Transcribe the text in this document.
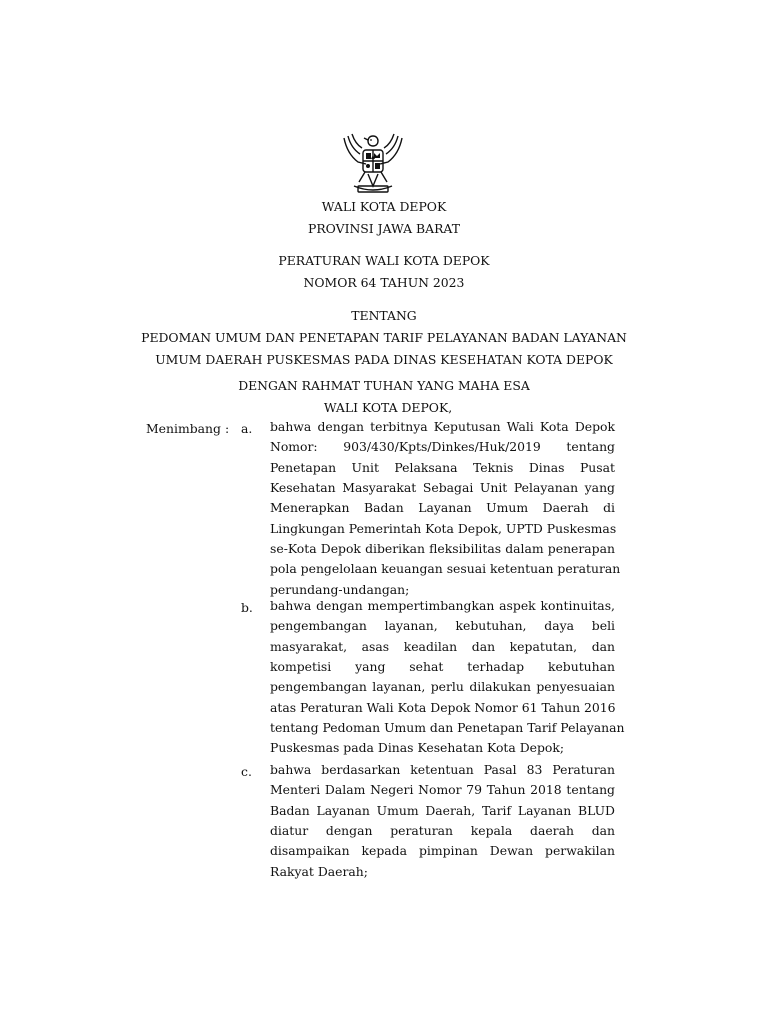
WALI KOTA DEPOK
PROVINSI JAWA BARAT
PERATURAN WALI KOTA DEPOK
NOMOR 64 TAHUN 2023
TENTANG
PEDOMAN UMUM DAN PENETAPAN TARIF PELAYANAN BADAN LAYANAN
UMUM DAERAH PUSKESMAS PADA DINAS KESEHATAN KOTA DEPOK
DENGAN RAHMAT TUHAN YANG MAHA ESA
WALI KOTA DEPOK,
Menimbang : a. bahwa dengan terbitnya Keputusan Wali Kota Depok
Nomor: 903/430/Kpts/Dinkes/Huk/2019 tentang
Penetapan Unit Pelaksana Teknis Dinas Pusat
Kesehatan Masyarakat Sebagai Unit Pelayanan yang
Menerapkan Badan Layanan Umum Daerah di
Lingkungan Pemerintah Kota Depok, UPTD Puskesmas
se-Kota Depok diberikan fleksibilitas dalam penerapan
pola pengelolaan keuangan sesuai ketentuan peraturan
perundang-undangan;
b. bahwa dengan mempertimbangkan aspek kontinuitas,
pengembangan layanan, kebutuhan, daya beli
masyarakat, asas keadilan dan kepatutan, dan
kompetisi yang sehat terhadap kebutuhan
pengembangan layanan, perlu dilakukan penyesuaian
atas Peraturan Wali Kota Depok Nomor 61 Tahun 2016
tentang Pedoman Umum dan Penetapan Tarif Pelayanan
Puskesmas pada Dinas Kesehatan Kota Depok;
c. bahwa berdasarkan ketentuan Pasal 83 Peraturan
Menteri Dalam Negeri Nomor 79 Tahun 2018 tentang
Badan Layanan Umum Daerah, Tarif Layanan BLUD
diatur dengan peraturan kepala daerah dan
disampaikan kepada pimpinan Dewan perwakilan
Rakyat Daerah;
